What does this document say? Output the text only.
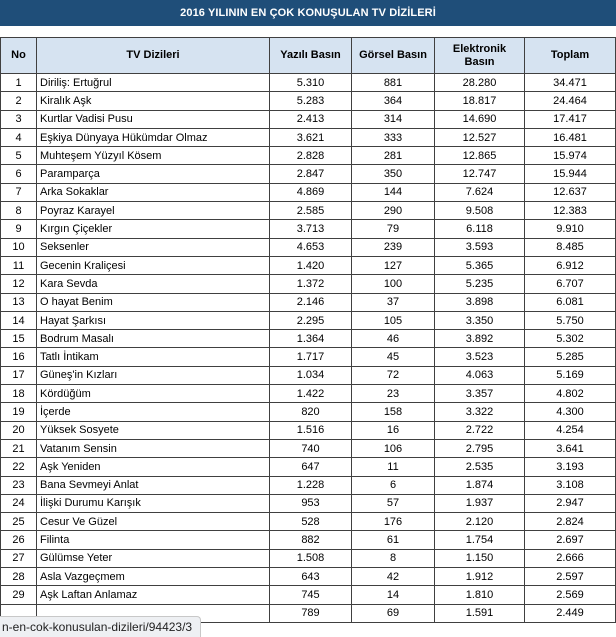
2016 YILININ EN ÇOK KONUŞULAN TV DİZİLERİ
No	TV Dizileri	Yazılı Basın	Görsel Basın	Elektronik Basın	Toplam
1	Diriliş: Ertuğrul	5.310	881	28.280	34.471
2	Kiralık Aşk	5.283	364	18.817	24.464
3	Kurtlar Vadisi Pusu	2.413	314	14.690	17.417
4	Eşkiya Dünyaya Hükümdar Olmaz	3.621	333	12.527	16.481
5	Muhteşem Yüzyıl Kösem	2.828	281	12.865	15.974
6	Paramparça	2.847	350	12.747	15.944
7	Arka Sokaklar	4.869	144	7.624	12.637
8	Poyraz Karayel	2.585	290	9.508	12.383
9	Kırgın Çiçekler	3.713	79	6.118	9.910
10	Seksenler	4.653	239	3.593	8.485
11	Gecenin Kraliçesi	1.420	127	5.365	6.912
12	Kara Sevda	1.372	100	5.235	6.707
13	O hayat Benim	2.146	37	3.898	6.081
14	Hayat Şarkısı	2.295	105	3.350	5.750
15	Bodrum Masalı	1.364	46	3.892	5.302
16	Tatlı İntikam	1.717	45	3.523	5.285
17	Güneş'in Kızları	1.034	72	4.063	5.169
18	Kördüğüm	1.422	23	3.357	4.802
19	İçerde	820	158	3.322	4.300
20	Yüksek Sosyete	1.516	16	2.722	4.254
21	Vatanım Sensin	740	106	2.795	3.641
22	Aşk Yeniden	647	11	2.535	3.193
23	Bana Sevmeyi Anlat	1.228	6	1.874	3.108
24	İlişki Durumu Karışık	953	57	1.937	2.947
25	Cesur Ve Güzel	528	176	2.120	2.824
26	Filinta	882	61	1.754	2.697
27	Gülümse Yeter	1.508	8	1.150	2.666
28	Asla Vazgeçmem	643	42	1.912	2.597
29	Aşk Laftan Anlamaz	745	14	1.810	2.569
		789	69	1.591	2.449
n-en-cok-konusulan-dizileri/94423/3
